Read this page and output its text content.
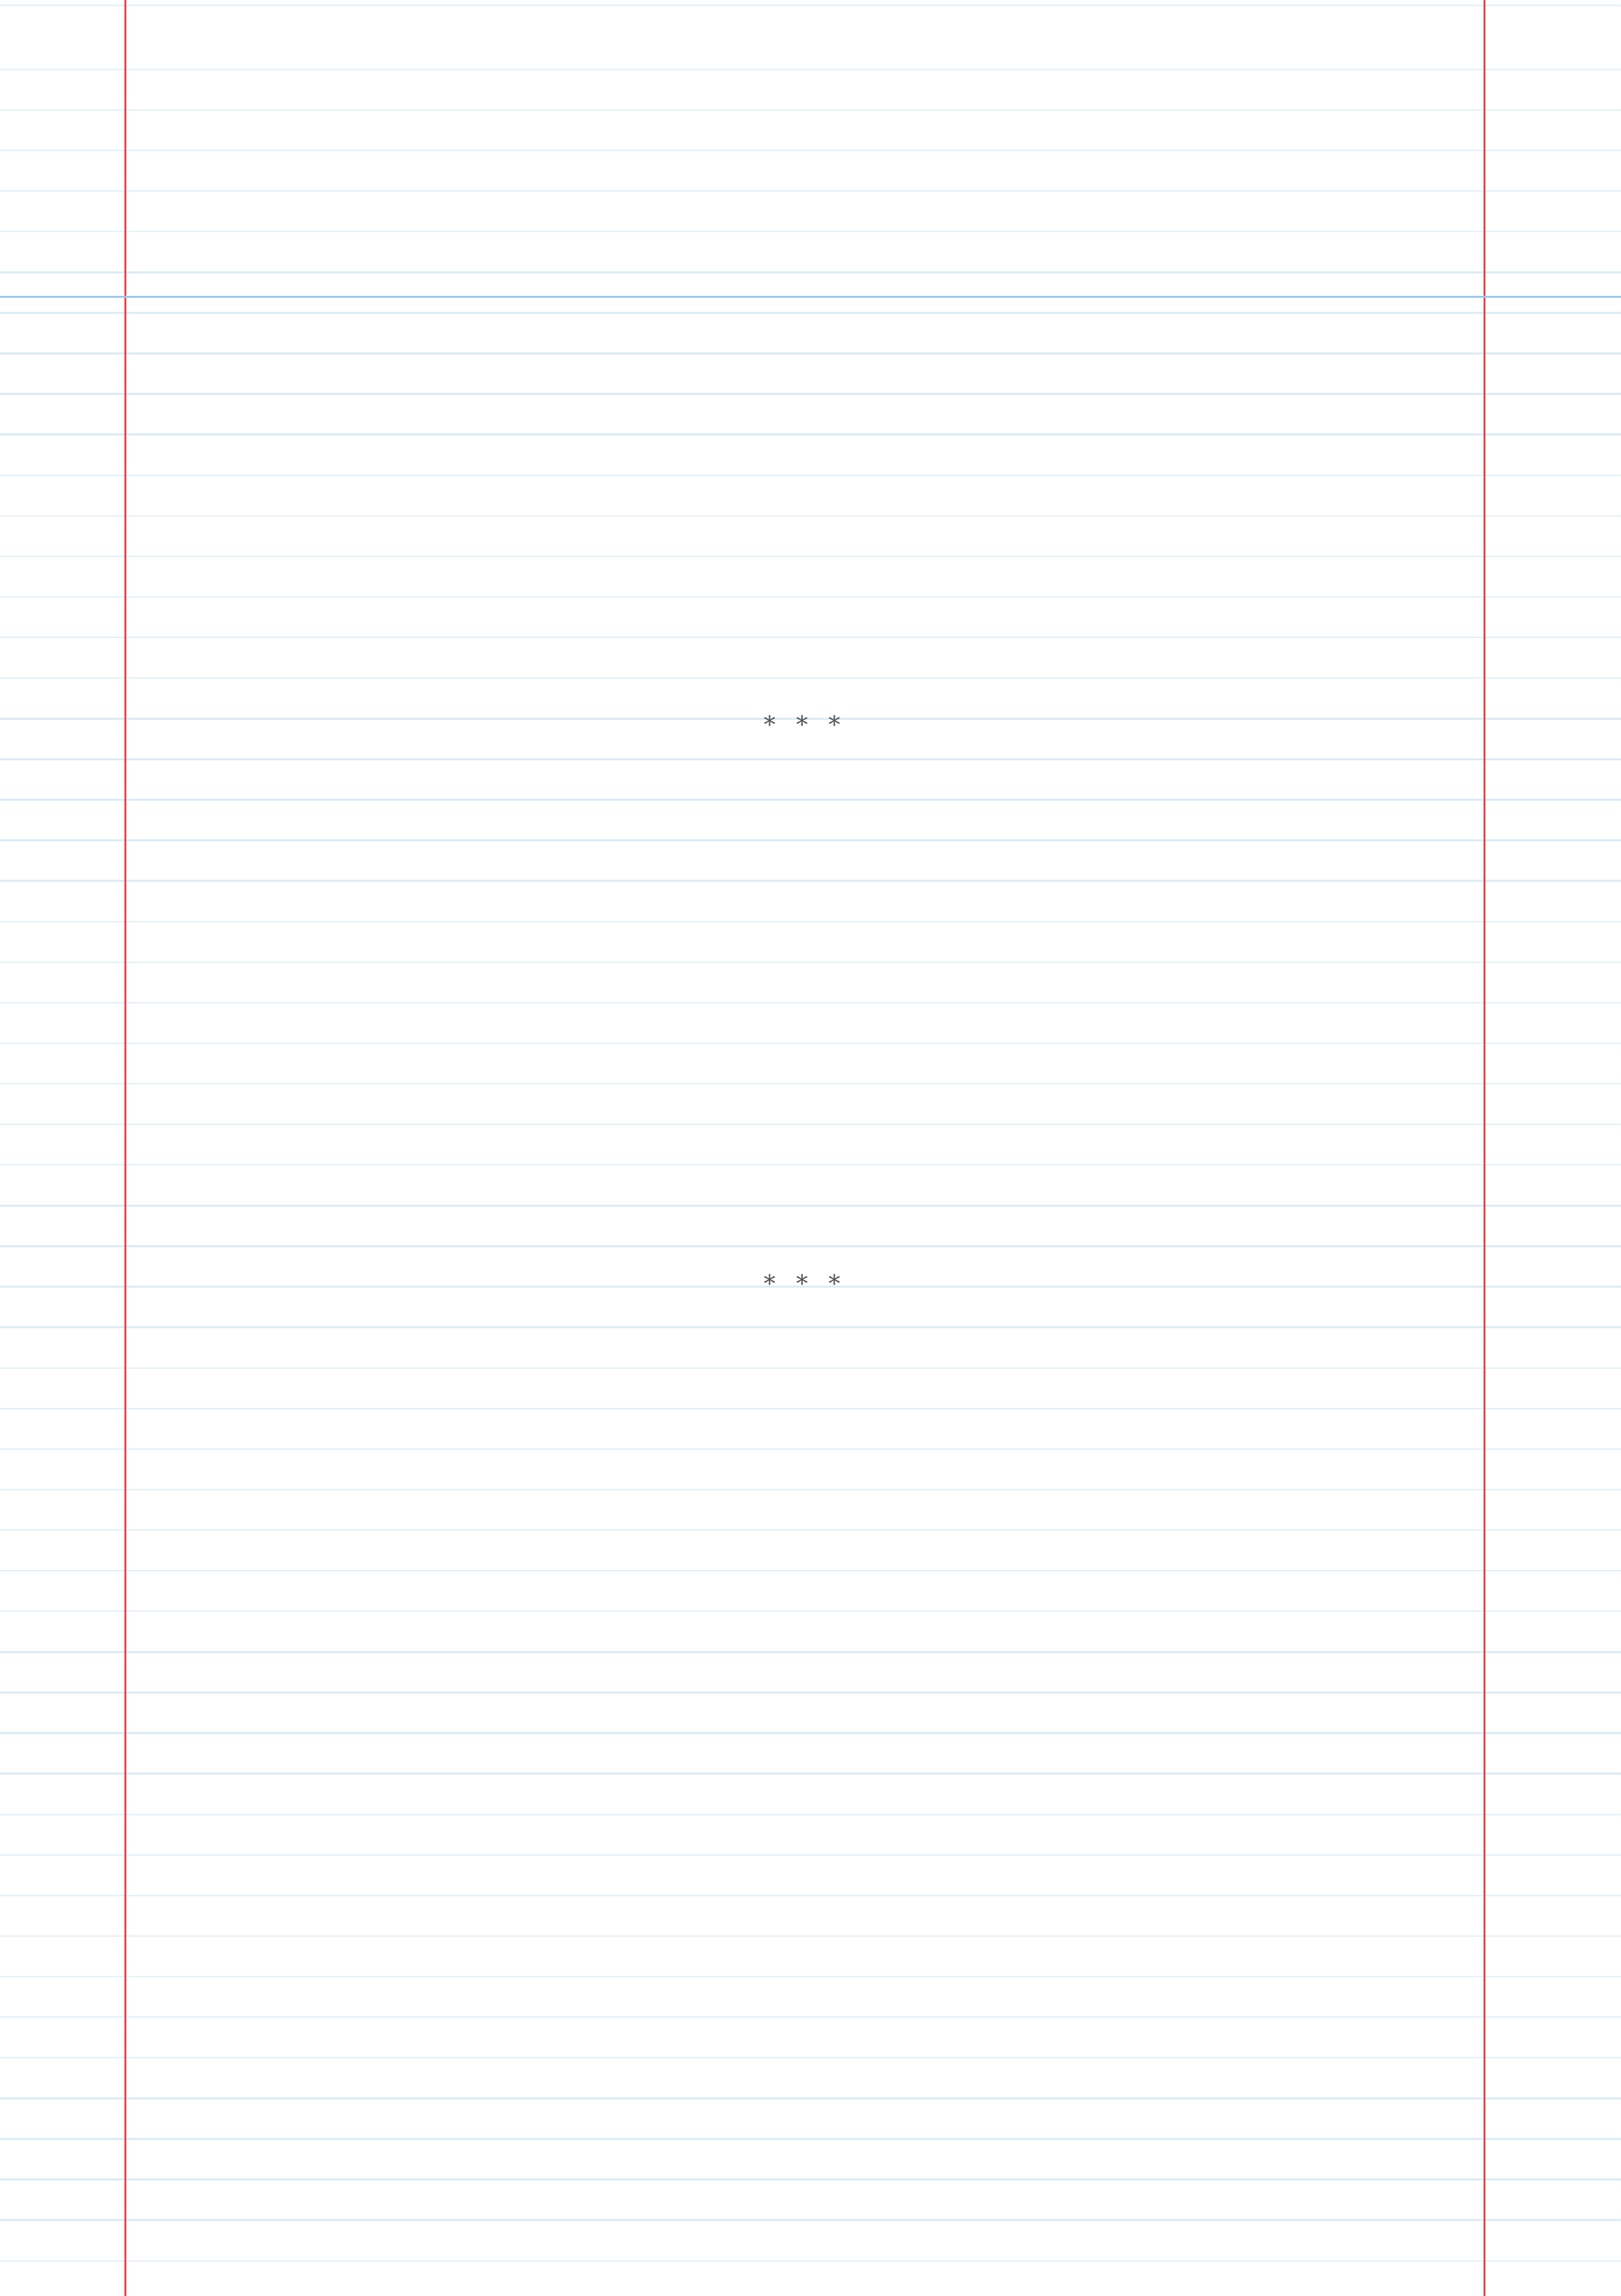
* * *

* * *
